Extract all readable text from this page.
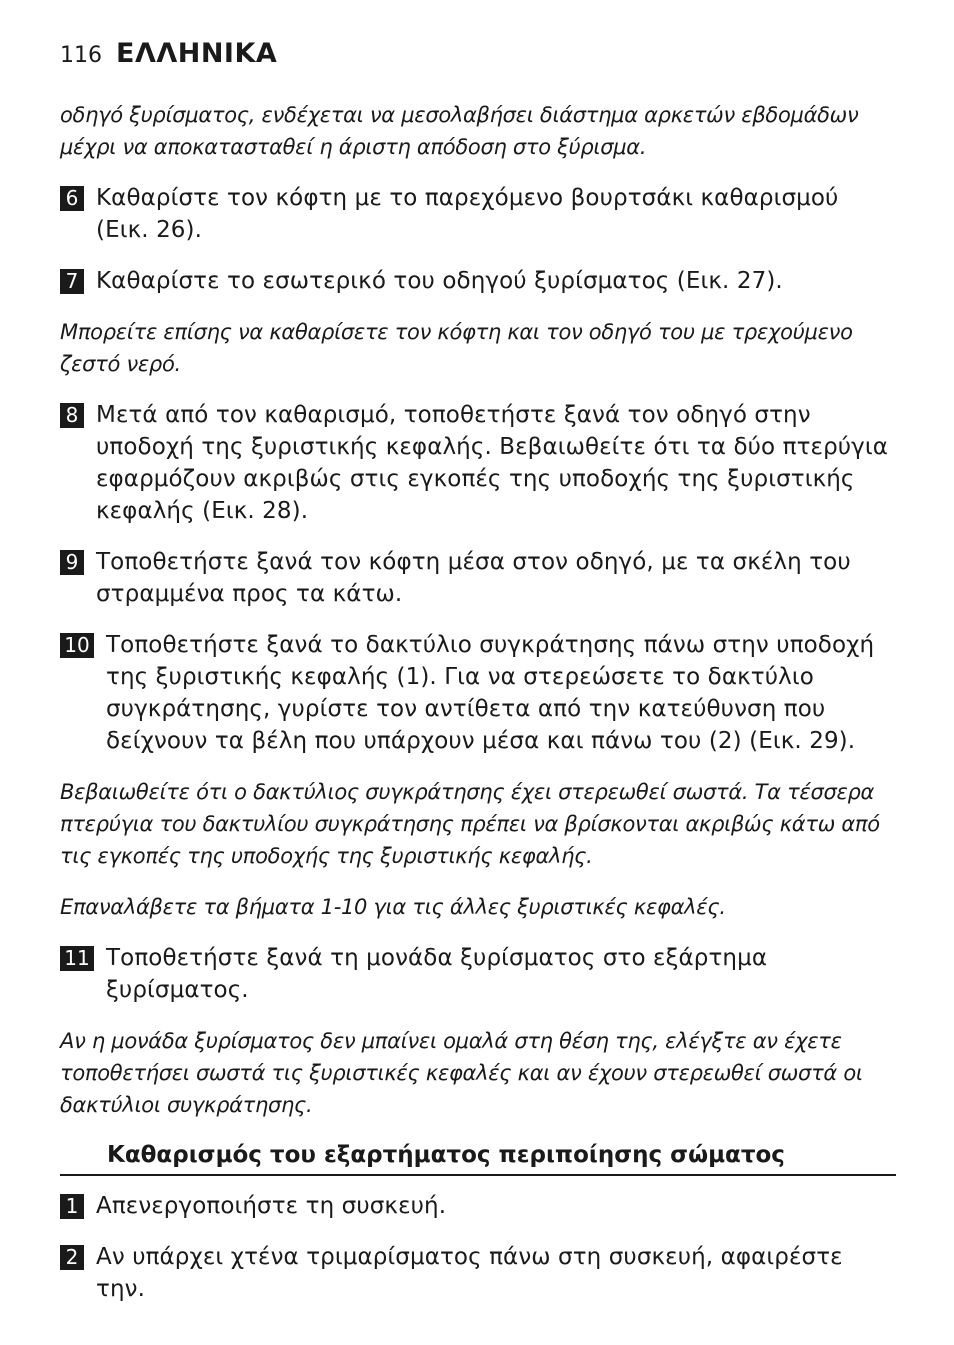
116 ΕΛΛΗΝΙΚΑ

οδηγό ξυρίσματος, ενδέχεται να μεσολαβήσει διάστημα αρκετών εβδομάδων μέχρι να αποκατασταθεί η άριστη απόδοση στο ξύρισμα.

6 Καθαρίστε τον κόφτη με το παρεχόμενο βουρτσάκι καθαρισμού (Εικ. 26).
7 Καθαρίστε το εσωτερικό του οδηγού ξυρίσματος (Εικ. 27).

Μπορείτε επίσης να καθαρίσετε τον κόφτη και τον οδηγό του με τρεχούμενο ζεστό νερό.

8 Μετά από τον καθαρισμό, τοποθετήστε ξανά τον οδηγό στην υποδοχή της ξυριστικής κεφαλής. Βεβαιωθείτε ότι τα δύο πτερύγια εφαρμόζουν ακριβώς στις εγκοπές της υποδοχής της ξυριστικής κεφαλής (Εικ. 28).
9 Τοποθετήστε ξανά τον κόφτη μέσα στον οδηγό, με τα σκέλη του στραμμένα προς τα κάτω.
10 Τοποθετήστε ξανά το δακτύλιο συγκράτησης πάνω στην υποδοχή της ξυριστικής κεφαλής (1). Για να στερεώσετε το δακτύλιο συγκράτησης, γυρίστε τον αντίθετα από την κατεύθυνση που δείχνουν τα βέλη που υπάρχουν μέσα και πάνω του (2) (Εικ. 29).

Βεβαιωθείτε ότι ο δακτύλιος συγκράτησης έχει στερεωθεί σωστά. Τα τέσσερα πτερύγια του δακτυλίου συγκράτησης πρέπει να βρίσκονται ακριβώς κάτω από τις εγκοπές της υποδοχής της ξυριστικής κεφαλής.

Επαναλάβετε τα βήματα 1-10 για τις άλλες ξυριστικές κεφαλές.

11 Τοποθετήστε ξανά τη μονάδα ξυρίσματος στο εξάρτημα ξυρίσματος.

Αν η μονάδα ξυρίσματος δεν μπαίνει ομαλά στη θέση της, ελέγξτε αν έχετε τοποθετήσει σωστά τις ξυριστικές κεφαλές και αν έχουν στερεωθεί σωστά οι δακτύλιοι συγκράτησης.

Καθαρισμός του εξαρτήματος περιποίησης σώματος
1 Απενεργοποιήστε τη συσκευή.
2 Αν υπάρχει χτένα τριμαρίσματος πάνω στη συσκευή, αφαιρέστε την.
